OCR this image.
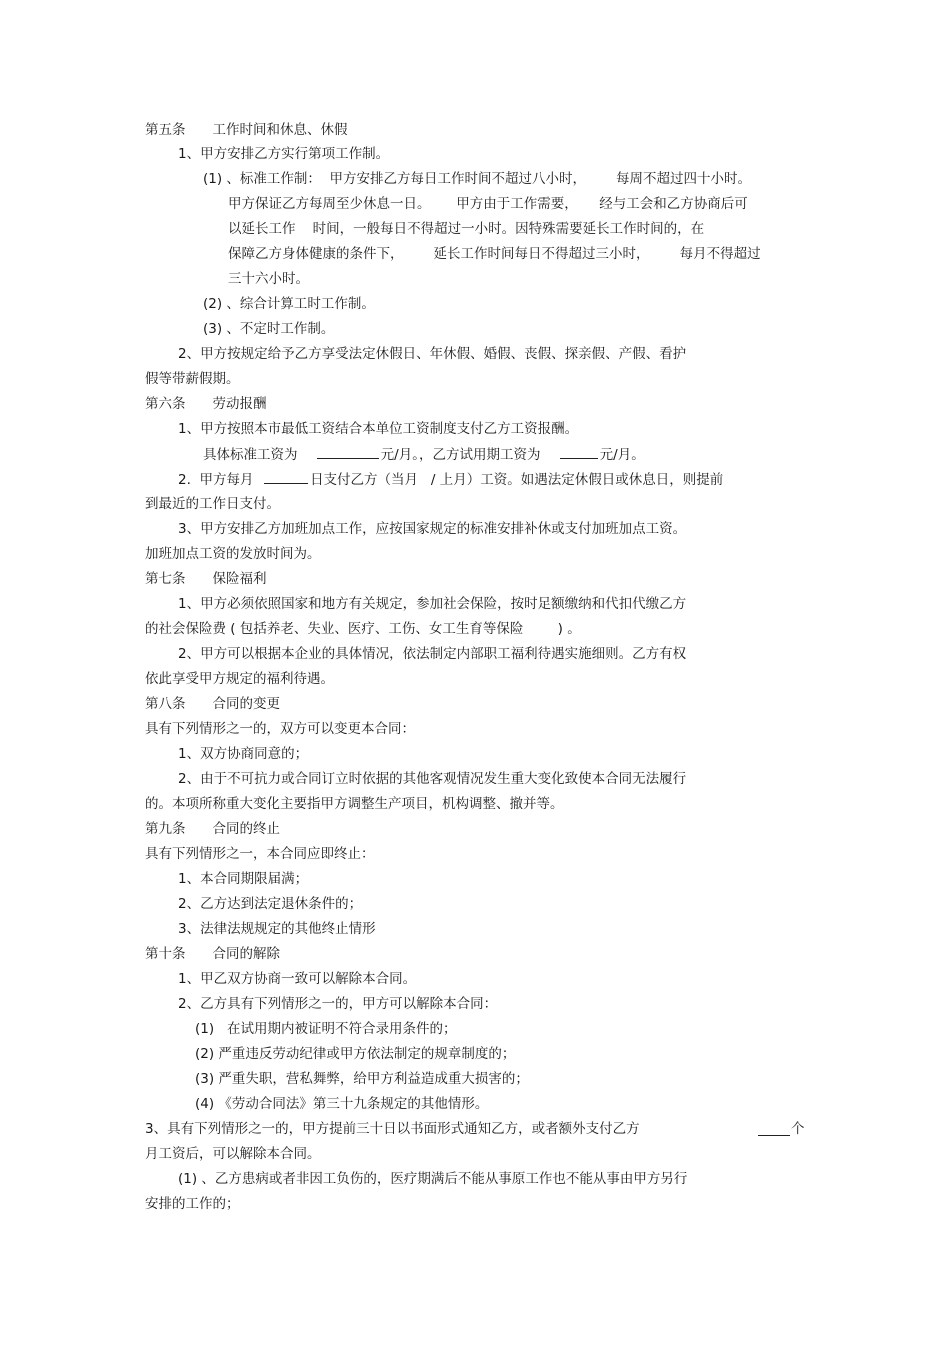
第五条　　工作时间和休息、休假
1、甲方安排乙方实行第项工作制。
(1) 、标准工作制：  甲方安排乙方每日工作时间不超过八小时，       每周不超过四十小时。
甲方保证乙方每周至少休息一日。      甲方由于工作需要，     经与工会和乙方协商后可
以延长工作    时间，一般每日不得超过一小时。因特殊需要延长工作时间的，在
保障乙方身体健康的条件下，       延长工作时间每日不得超过三小时，       每月不得超过
三十六小时。
(2) 、综合计算工时工作制。
(3) 、不定时工作制。
2、甲方按规定给予乙方享受法定休假日、年休假、婚假、丧假、探亲假、产假、看护
假等带薪假期。
第六条　　劳动报酬
1、甲方按照本市最低工资结合本单位工资制度支付乙方工资报酬。
具体标准工资为	元/月。，乙方试用期工资为	元/月。
2.  甲方每月	日支付乙方（当月   / 上月）工资。如遇法定休假日或休息日，则提前
到最近的工作日支付。
3、甲方安排乙方加班加点工作，应按国家规定的标准安排补休或支付加班加点工资。
加班加点工资的发放时间为。
第七条　　保险福利
1、甲方必须依照国家和地方有关规定，参加社会保险，按时足额缴纳和代扣代缴乙方
的社会保险费 ( 包括养老、失业、医疗、工伤、女工生育等保险        ) 。
2、甲方可以根据本企业的具体情况，依法制定内部职工福利待遇实施细则。乙方有权
依此享受甲方规定的福利待遇。
第八条　　合同的变更
具有下列情形之一的，双方可以变更本合同：
1、双方协商同意的；
2、由于不可抗力或合同订立时依据的其他客观情况发生重大变化致使本合同无法履行
的。本项所称重大变化主要指甲方调整生产项目，机构调整、撤并等。
第九条　　合同的终止
具有下列情形之一，本合同应即终止：
1、本合同期限届满；
2、乙方达到法定退休条件的；
3、法律法规规定的其他终止情形
第十条　　合同的解除
1、甲乙双方协商一致可以解除本合同。
2、乙方具有下列情形之一的，甲方可以解除本合同：
(1)   在试用期内被证明不符合录用条件的；
(2) 严重违反劳动纪律或甲方依法制定的规章制度的；
(3) 严重失职，营私舞弊，给甲方利益造成重大损害的；
(4) 《劳动合同法》第三十九条规定的其他情形。
3、具有下列情形之一的，甲方提前三十日以书面形式通知乙方，或者额外支付乙方	个
月工资后，可以解除本合同。
(1) 、乙方患病或者非因工负伤的，医疗期满后不能从事原工作也不能从事由甲方另行
安排的工作的；
